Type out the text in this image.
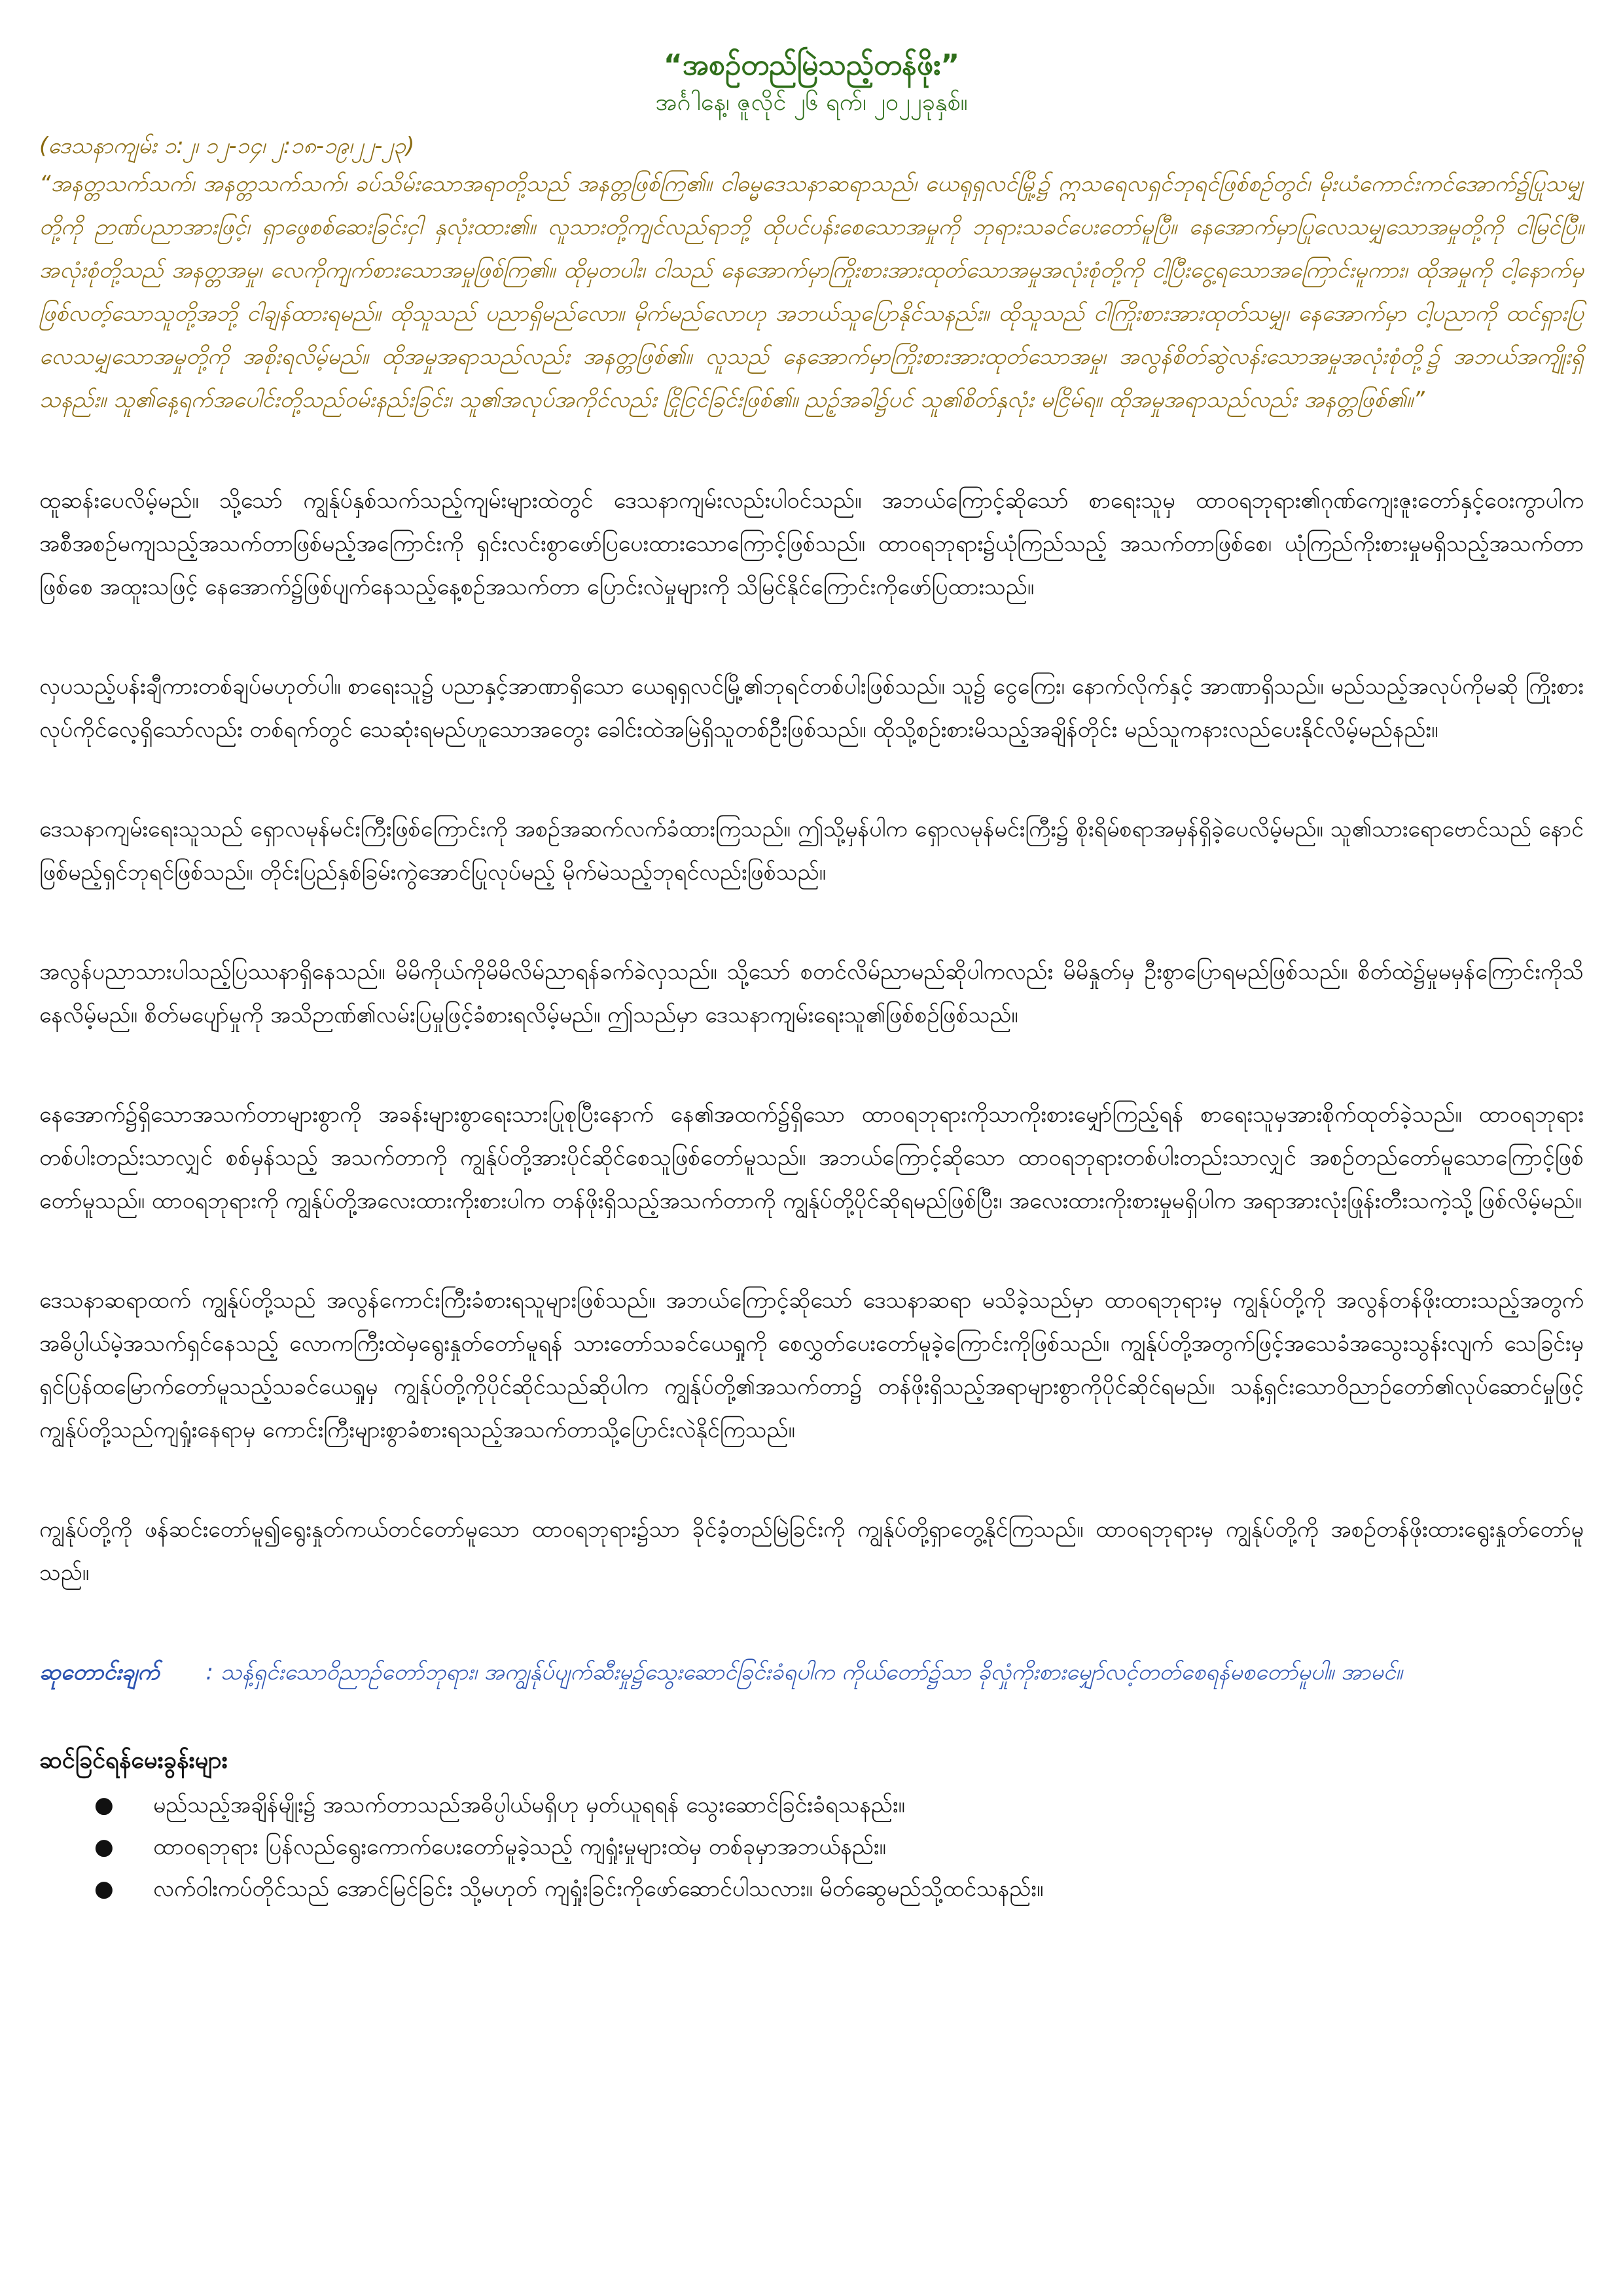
“အစဉ်တည်မြဲသည့်တန်ဖိုး”

အင်္ဂါနေ့၊ ဇူလိုင် ၂၆ ရက်၊ ၂၀၂၂ခုနှစ်။

(ဒေသနာကျမ်း ၁:၂၊ ၁၂-၁၄၊ ၂:၁၈-၁၉၊၂၂-၂၃)

“အနတ္တသက်သက်၊ အနတ္တသက်သက်၊ ခပ်သိမ်းသောအရာတို့သည် အနတ္တဖြစ်ကြ၏။ ငါဓမ္မဒေသနာဆရာသည်၊ ယေရုရှလင်မြို့၌ ဣသရေလရှင်ဘုရင်ဖြစ်စဉ်တွင်၊ မိုးယံကောင်းကင်အောက်၌ပြုသမျှတို့ကို ဉာဏ်ပညာအားဖြင့်၊ ရှာဖွေစစ်ဆေးခြင်းငှါ နှလုံးထား၏။ လူသားတို့ကျင်လည်ရာဘို့ ထိုပင်ပန်းစေသောအမှုကို ဘုရားသခင်ပေးတော်မူပြီ။ နေအောက်မှာပြုလေသမျှသောအမှုတို့ကို ငါမြင်ပြီ။ အလုံးစုံတို့သည် အနတ္တအမှု၊ လေကိုကျက်စားသောအမှုဖြစ်ကြ၏။ ထိုမှတပါး၊ ငါသည် နေအောက်မှာကြိုးစားအားထုတ်သောအမှုအလုံးစုံတို့ကို ငါ့ပြီးငွေ့ရသောအကြောင်းမူကား၊ ထိုအမှုကို ငါ့နောက်မှဖြစ်လတ့်သောသူတို့အဘို့ ငါချန်ထားရမည်။ ထိုသူသည် ပညာရှိမည်လော။ မိုက်မည်လောဟု အဘယ်သူပြောနိုင်သနည်း။ ထိုသူသည် ငါကြိုးစားအားထုတ်သမျှ၊ နေအောက်မှာ ငါ့ပညာကို ထင်ရှားပြလေသမျှသောအမှုတို့ကို အစိုးရလိမ့်မည်။ ထိုအမှုအရာသည်လည်း အနတ္တဖြစ်၏။ လူသည် နေအောက်မှာကြိုးစားအားထုတ်သောအမှု၊ အလွန်စိတ်ဆွဲလန်းသောအမှုအလုံးစုံတို့၌ အဘယ်အကျိုးရှိသနည်း။ သူ၏နေ့ရက်အပေါင်းတို့သည်ဝမ်းနည်းခြင်း၊ သူ၏အလုပ်အကိုင်လည်း ငြိုငြင်ခြင်းဖြစ်၏။ ညဉ့်အခါ၌ပင် သူ၏စိတ်နှလုံး မငြိမ်ရ။ ထိုအမှုအရာသည်လည်း အနတ္တဖြစ်၏။”

ထူဆန်းပေလိမ့်မည်။ သို့သော် ကျွန်ုပ်နှစ်သက်သည့်ကျမ်းများထဲတွင် ဒေသနာကျမ်းလည်းပါဝင်သည်။ အဘယ်ကြောင့်ဆိုသော် စာရေးသူမှ ထာဝရဘုရား၏ဂုဏ်ကျေးဇူးတော်နှင့်ဝေးကွာပါက အစီအစဉ်မကျသည့်အသက်တာဖြစ်မည့်အကြောင်းကို ရှင်းလင်းစွာဖော်ပြပေးထားသောကြောင့်ဖြစ်သည်။ ထာဝရဘုရား၌ယုံကြည်သည့် အသက်တာဖြစ်စေ၊ ယုံကြည်ကိုးစားမှုမရှိသည့်အသက်တာဖြစ်စေ အထူးသဖြင့် နေအောက်၌ဖြစ်ပျက်နေသည့်နေ့စဉ်အသက်တာ ပြောင်းလဲမှုများကို သိမြင်နိုင်ကြောင်းကိုဖော်ပြထားသည်။

လှပသည့်ပန်းချီကားတစ်ချပ်မဟုတ်ပါ။ စာရေးသူ၌ ပညာနှင့်အာဏာရှိသော ယေရုရှလင်မြို့၏ဘုရင်တစ်ပါးဖြစ်သည်။ သူ၌ ငွေကြေး၊ နောက်လိုက်နှင့် အာဏာရှိသည်။ မည်သည့်အလုပ်ကိုမဆို ကြိုးစားလုပ်ကိုင်လေ့ရှိသော်လည်း တစ်ရက်တွင် သေဆုံးရမည်ဟူသောအတွေး ခေါင်းထဲအမြဲရှိသူတစ်ဦးဖြစ်သည်။ ထိုသို့စဉ်းစားမိသည့်အချိန်တိုင်း မည်သူကနားလည်ပေးနိုင်လိမ့်မည်နည်း။

ဒေသနာကျမ်းရေးသူသည် ရှောလမုန်မင်းကြီးဖြစ်ကြောင်းကို အစဉ်အဆက်လက်ခံထားကြသည်။ ဤသို့မှန်ပါက ရှောလမုန်မင်းကြီး၌ စိုးရိမ်စရာအမှန်ရှိခဲ့ပေလိမ့်မည်။ သူ၏သားရောဗောင်သည် နောင်ဖြစ်မည့်ရှင်ဘုရင်ဖြစ်သည်။ တိုင်းပြည်နှစ်ခြမ်းကွဲအောင်ပြုလုပ်မည့် မိုက်မဲသည့်ဘုရင်လည်းဖြစ်သည်။

အလွန်ပညာသားပါသည့်ပြဿနာရှိနေသည်။ မိမိကိုယ်ကိုမိမိလိမ်ညာရန်ခက်ခဲလှသည်။ သို့သော် စတင်လိမ်ညာမည်ဆိုပါကလည်း မိမိနှုတ်မှ ဦးစွာပြောရမည်ဖြစ်သည်။ စိတ်ထဲ၌မှုမမှန်ကြောင်းကိုသိနေလိမ့်မည်။ စိတ်မပျော်မှုကို အသိဉာဏ်၏လမ်းပြမှုဖြင့်ခံစားရလိမ့်မည်။ ဤသည်မှာ ဒေသနာကျမ်းရေးသူ၏ဖြစ်စဉ်ဖြစ်သည်။

နေအောက်၌ရှိသောအသက်တာများစွာကို အခန်းများစွာရေးသားပြုစုပြီးနောက် နေ၏အထက်၌ရှိသော ထာဝရဘုရားကိုသာကိုးစားမျှော်ကြည့်ရန် စာရေးသူမှအားစိုက်ထုတ်ခဲ့သည်။ ထာဝရဘုရားတစ်ပါးတည်းသာလျှင် စစ်မှန်သည့် အသက်တာကို ကျွန်ုပ်တို့အားပိုင်ဆိုင်စေသူဖြစ်တော်မူသည်။ အဘယ်ကြောင့်ဆိုသော ထာဝရဘုရားတစ်ပါးတည်းသာလျှင် အစဉ်တည်တော်မူသောကြောင့်ဖြစ်တော်မူသည်။ ထာဝရဘုရားကို ကျွန်ုပ်တို့အလေးထားကိုးစားပါက တန်ဖိုးရှိသည့်အသက်တာကို ကျွန်ုပ်တို့ပိုင်ဆိုရမည်ဖြစ်ပြီး၊ အလေးထားကိုးစားမှုမရှိပါက အရာအားလုံးဖြုန်းတီးသကဲ့သို့ဖြစ်လိမ့်မည်။

ဒေသနာဆရာထက် ကျွန်ုပ်တို့သည် အလွန်ကောင်းကြီးခံစားရသူများဖြစ်သည်။ အဘယ်ကြောင့်ဆိုသော် ဒေသနာဆရာ မသိခဲ့သည်မှာ ထာဝရဘုရားမှ ကျွန်ုပ်တို့ကို အလွန်တန်ဖိုးထားသည့်အတွက် အဓိပ္ပါယ်မဲ့အသက်ရှင်နေသည့် လောကကြီးထဲမှရွေးနှုတ်တော်မူရန် သားတော်သခင်ယေရှုကို စေလွှတ်ပေးတော်မူခဲ့ကြောင်းကိုဖြစ်သည်။ ကျွန်ုပ်တို့အတွက်ဖြင့်အသေခံအသွေးသွန်းလျက် သေခြင်းမှရှင်ပြန်ထမြောက်တော်မူသည့်သခင်ယေရှုမှ ကျွန်ုပ်တို့ကိုပိုင်ဆိုင်သည်ဆိုပါက ကျွန်ုပ်တို့၏အသက်တာ၌ တန်ဖိုးရှိသည့်အရာများစွာကိုပိုင်ဆိုင်ရမည်။ သန့်ရှင်းသောဝိညာဉ်တော်၏လုပ်ဆောင်မှုဖြင့် ကျွန်ုပ်တို့သည်ကျရှုံးနေရာမှ ကောင်းကြီးများစွာခံစားရသည့်အသက်တာသို့ပြောင်းလဲနိုင်ကြသည်။

ကျွန်ုပ်တို့ကို ဖန်ဆင်းတော်မူ၍ရွေးနှုတ်ကယ်တင်တော်မူသော ထာဝရဘုရား၌သာ ခိုင်ခံ့တည်မြဲခြင်းကို ကျွန်ုပ်တို့ရှာတွေ့နိုင်ကြသည်။ ထာဝရဘုရားမှ ကျွန်ုပ်တို့ကို အစဉ်တန်ဖိုးထားရွေးနှုတ်တော်မူသည်။

ဆုတောင်းချက် : သန့်ရှင်းသောဝိညာဉ်တော်ဘုရား၊ အကျွန်ုပ်ပျက်ဆီးမှု၌သွေးဆောင်ခြင်းခံရပါက ကိုယ်တော်၌သာ ခိုလှုံကိုးစားမျှော်လင့်တတ်စေရန်မစတော်မူပါ။ အာမင်။

ဆင်ခြင်ရန်မေးခွန်းများ

● မည်သည့်အချိန်မျိုး၌ အသက်တာသည်အဓိပ္ပါယ်မရှိဟု မှတ်ယူရရန် သွေးဆောင်ခြင်းခံရသနည်း။
● ထာဝရဘုရား ပြန်လည်ရွေးကောက်ပေးတော်မူခဲ့သည့် ကျရှုံးမှုများထဲမှ တစ်ခုမှာအဘယ်နည်း။
● လက်ဝါးကပ်တိုင်သည် အောင်မြင်ခြင်း သို့မဟုတ် ကျရှုံးခြင်းကိုဖော်ဆောင်ပါသလား။ မိတ်ဆွေမည်သို့ထင်သနည်း။
